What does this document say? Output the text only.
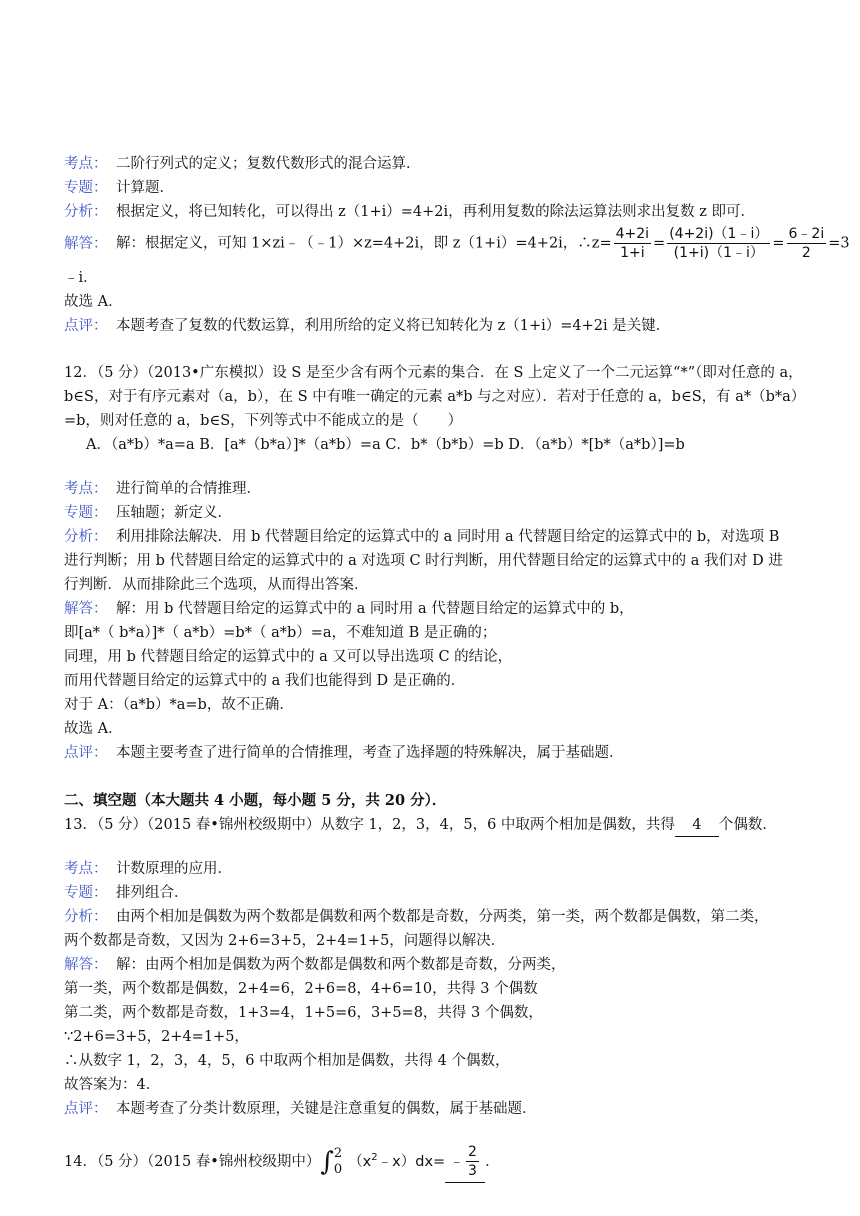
考点： 二阶行列式的定义；复数代数形式的混合运算．
专题： 计算题．
分析： 根据定义，将已知转化，可以得出 z（1+i）=4+2i，再利用复数的除法运算法则求出复数 z 即可．
解答： 解：根据定义，可知 1×zi﹣（﹣1）×z=4+2i，即 z（1+i）=4+2i，∴z= $\frac{4+2i}{1+i} = \frac{(4+2i)(1﹣i)}{(1+i)(1﹣i)} = \frac{6﹣2i}{2} =3$
﹣i．
故选 A．
点评： 本题考查了复数的代数运算，利用所给的定义将已知转化为 z（1+i）=4+2i 是关键．
12．（5 分）（2013•广东模拟）设 S 是至少含有两个元素的集合．在 S 上定义了一个二元运算“*”（即对任意的 a，
b∈S，对于有序元素对（a，b），在 S 中有唯一确定的元素 a*b 与之对应）．若对于任意的 a，b∈S，有 a*（b*a）
=b，则对任意的 a，b∈S，下列等式中不能成立的是（　　）
A．（a*b）*a=a B．[a*（b*a）]*（a*b）=a C．b*（b*b）=b D．（a*b）*[b*（a*b）]=b
考点： 进行简单的合情推理．
专题： 压轴题；新定义．
分析： 利用排除法解决．用 b 代替题目给定的运算式中的 a 同时用 a 代替题目给定的运算式中的 b，对选项 B
进行判断；用 b 代替题目给定的运算式中的 a 对选项 C 时行判断，用代替题目给定的运算式中的 a 我们对 D 进
行判断．从而排除此三个选项，从而得出答案．
解答： 解：用 b 代替题目给定的运算式中的 a 同时用 a 代替题目给定的运算式中的 b，
即[a*（ b*a）]*（ a*b）=b*（ a*b）=a，不难知道 B 是正确的；
同理，用 b 代替题目给定的运算式中的 a 又可以导出选项 C 的结论，
而用代替题目给定的运算式中的 a 我们也能得到 D 是正确的．
对于 A：（a*b）*a=b，故不正确．
故选 A．
点评： 本题主要考查了进行简单的合情推理，考查了选择题的特殊解决，属于基础题．
二、填空题（本大题共 4 小题，每小题 5 分，共 20 分）．
13．（5 分）（2015 春•锦州校级期中）从数字 1，2，3，4，5，6 中取两个相加是偶数，共得 4 个偶数．
考点： 计数原理的应用．
专题： 排列组合．
分析： 由两个相加是偶数为两个数都是偶数和两个数都是奇数，分两类，第一类，两个数都是偶数，第二类，
两个数都是奇数，又因为 2+6=3+5，2+4=1+5，问题得以解决．
解答： 解：由两个相加是偶数为两个数都是偶数和两个数都是奇数，分两类，
第一类，两个数都是偶数，2+4=6，2+6=8，4+6=10，共得 3 个偶数
第二类，两个数都是奇数，1+3=4，1+5=6，3+5=8，共得 3 个偶数，
∵2+6=3+5，2+4=1+5，
∴从数字 1，2，3，4，5，6 中取两个相加是偶数，共得 4 个偶数，
故答案为：4．
点评： 本题考查了分类计数原理，关键是注意重复的偶数，属于基础题．
14．（5 分）（2015 春•锦州校级期中）∫ 2
0 $(x^2﹣x)dx=$ ﹣ $\frac{2}{3}$ ．
